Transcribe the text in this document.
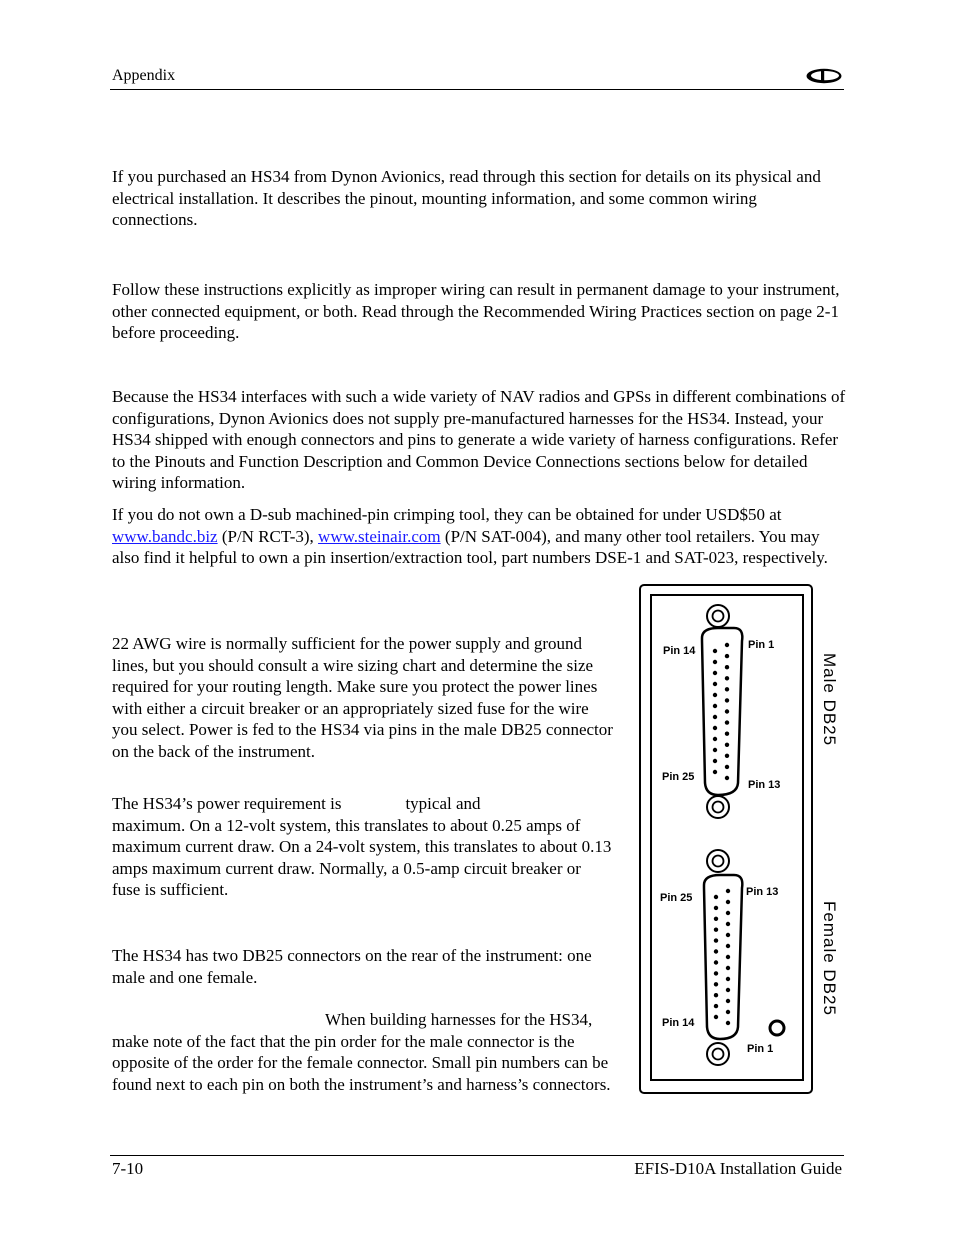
Appendix

If you purchased an HS34 from Dynon Avionics, read through this section for details on its physical and electrical installation. It describes the pinout, mounting information, and some common wiring connections.

Follow these instructions explicitly as improper wiring can result in permanent damage to your instrument, other connected equipment, or both. Read through the Recommended Wiring Practices section on page 2-1 before proceeding.

Because the HS34 interfaces with such a wide variety of NAV radios and GPSs in different combinations of configurations, Dynon Avionics does not supply pre-manufactured harnesses for the HS34. Instead, your HS34 shipped with enough connectors and pins to generate a wide variety of harness configurations. Refer to the Pinouts and Function Description and Common Device Connections sections below for detailed wiring information.

If you do not own a D-sub machined-pin crimping tool, they can be obtained for under USD$50 at www.bandc.biz (P/N RCT-3), www.steinair.com (P/N SAT-004), and many other tool retailers. You may also find it helpful to own a pin insertion/extraction tool, part numbers DSE-1 and SAT-023, respectively.

22 AWG wire is normally sufficient for the power supply and ground lines, but you should consult a wire sizing chart and determine the size required for your routing length. Make sure you protect the power lines with either a circuit breaker or an appropriately sized fuse for the wire you select. Power is fed to the HS34 via pins in the male DB25 connector on the back of the instrument.

The HS34’s power requirement is	typical and
maximum. On a 12-volt system, this translates to about 0.25 amps of maximum current draw. On a 24-volt system, this translates to about 0.13 amps maximum current draw. Normally, a 0.5-amp circuit breaker or fuse is sufficient.

The HS34 has two DB25 connectors on the rear of the instrument: one male and one female.

When building harnesses for the HS34, make note of the fact that the pin order for the male connector is the opposite of the order for the female connector. Small pin numbers can be found next to each pin on both the instrument’s and harness’s connectors.

Pin 14	Pin 1
Pin 25
Pin 13
Male DB25
Pin 25	Pin 13
Pin 14
Pin 1
Female DB25
7-10	EFIS-D10A Installation Guide
